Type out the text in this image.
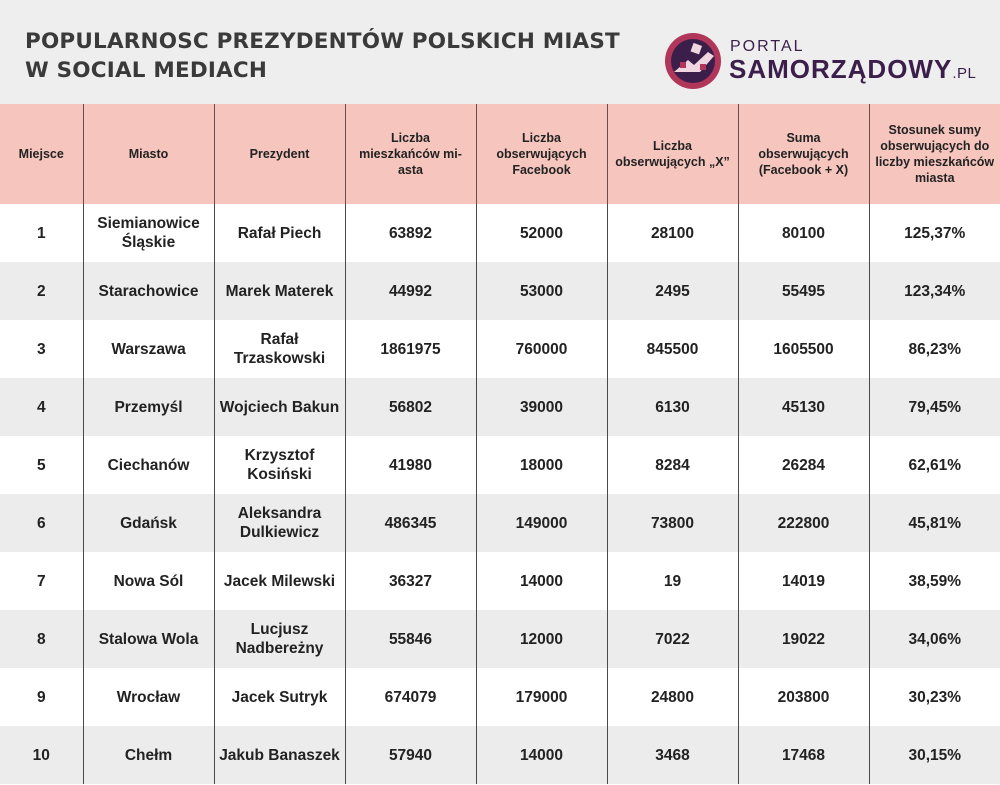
POPULARNOSC PREZYDENTÓW POLSKICH MIAST
W SOCIAL MEDIACH
PORTAL
SAMORZĄDOWY.PL
Miejsce	Miasto	Prezydent	Liczba mieszkańców mi-asta	Liczba obserwujących Facebook	Liczba obserwujących „X”	Suma obserwujących (Facebook + X)	Stosunek sumy obserwujących do liczby mieszkańców miasta
1	Siemianowice Śląskie	Rafał Piech	63892	52000	28100	80100	125,37%
2	Starachowice	Marek Materek	44992	53000	2495	55495	123,34%
3	Warszawa	Rafał Trzaskowski	1861975	760000	845500	1605500	86,23%
4	Przemyśl	Wojciech Bakun	56802	39000	6130	45130	79,45%
5	Ciechanów	Krzysztof Kosiński	41980	18000	8284	26284	62,61%
6	Gdańsk	Aleksandra Dulkiewicz	486345	149000	73800	222800	45,81%
7	Nowa Sól	Jacek Milewski	36327	14000	19	14019	38,59%
8	Stalowa Wola	Lucjusz Nadbereżny	55846	12000	7022	19022	34,06%
9	Wrocław	Jacek Sutryk	674079	179000	24800	203800	30,23%
10	Chełm	Jakub Banaszek	57940	14000	3468	17468	30,15%
